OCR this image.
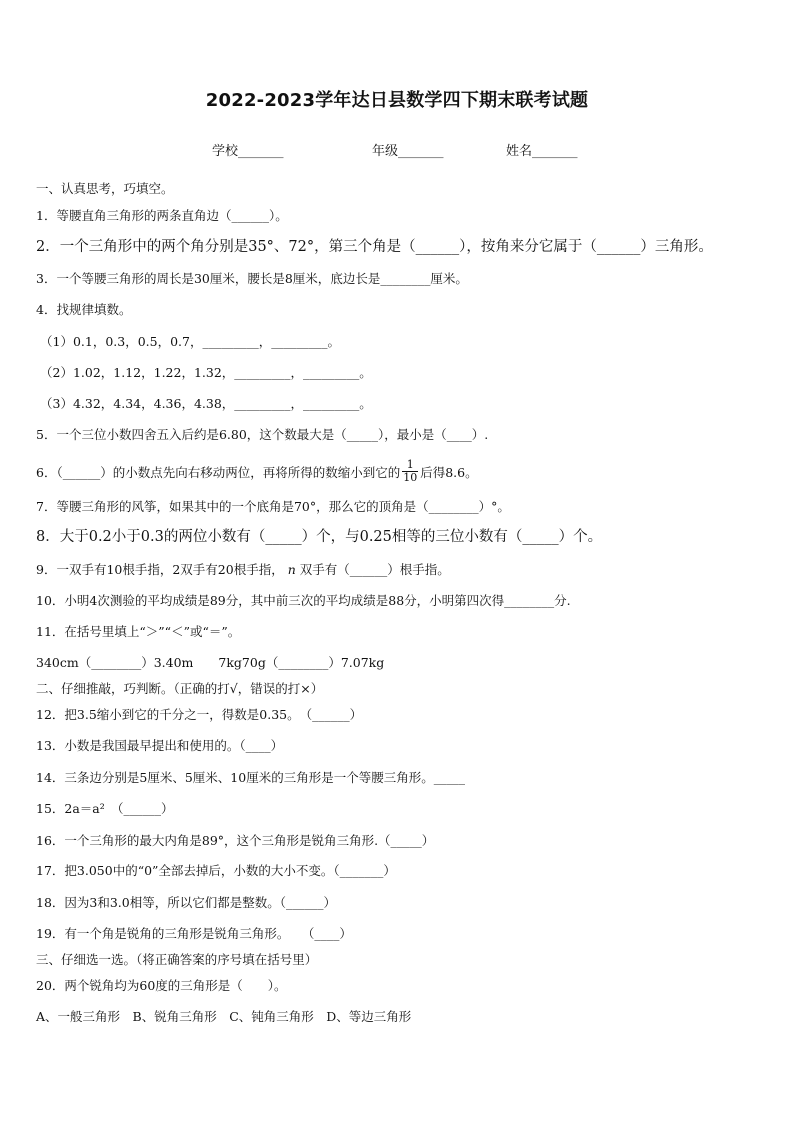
2022-2023学年达日县数学四下期末联考试题
学校_______	年级_______	姓名_______
一、认真思考，巧填空。
1．等腰直角三角形的两条直角边（______）。
2．一个三角形中的两个角分别是35°、72°，第三个角是（______），按角来分它属于（______）三角形。
3．一个等腰三角形的周长是30厘米，腰长是8厘米，底边长是________厘米。
4．找规律填数。
（1）0.1，0.3，0.5，0.7，_________，_________。
（2）1.02，1.12，1.22，1.32，_________，_________。
（3）4.32，4.34，4.36，4.38，_________，_________。
5．一个三位小数四舍五入后约是6.80，这个数最大是（_____），最小是（____）.
6．（______）的小数点先向右移动两位，再将所得的数缩小到它的 $\frac{1}{10}$ 后得8.6。
7．等腰三角形的风筝，如果其中的一个底角是70°，那么它的顶角是（________）°。
8．大于0.2小于0.3的两位小数有（_____）个，与0.25相等的三位小数有（_____）个。
9．一双手有10根手指，2双手有20根手指， n 双手有（______）根手指。
10．小明4次测验的平均成绩是89分，其中前三次的平均成绩是88分，小明第四次得________分.
11．在括号里填上“＞”“＜”或“＝”。
340cm（________）3.40m　　7kg70g（________）7.07kg
二、仔细推敲，巧判断。（正确的打√，错误的打×）
12．把3.5缩小到它的千分之一，得数是0.35。　（______）
13．小数是我国最早提出和使用的。（____）
14．三条边分别是5厘米、5厘米、10厘米的三角形是一个等腰三角形。_____
15．2a＝a²　（______）
16．一个三角形的最大内角是89°，这个三角形是锐角三角形.（_____）
17．把3.050中的“0”全部去掉后，小数的大小不变。（_______）
18．因为3和3.0相等，所以它们都是整数。（______）
19．有一个角是锐角的三角形是锐角三角形。　　（____）
三、仔细选一选。（将正确答案的序号填在括号里）
20．两个锐角均为60度的三角形是（　　）。
A、一般三角形　B、锐角三角形　C、钝角三角形　D、等边三角形
